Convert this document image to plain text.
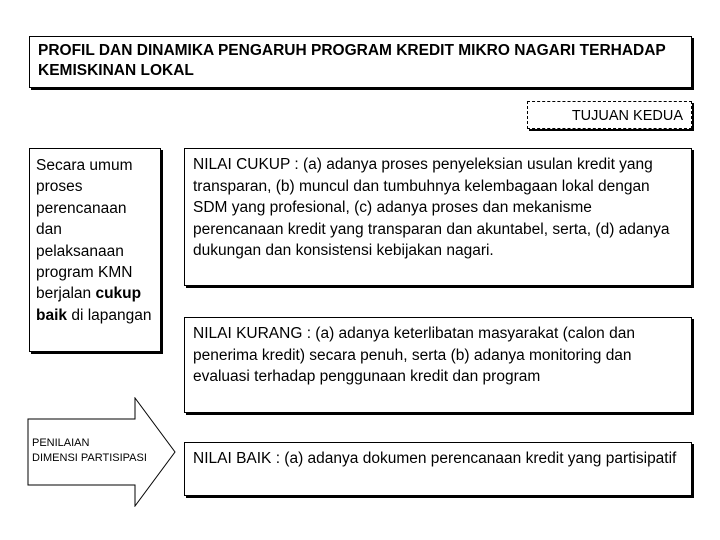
PROFIL DAN DINAMIKA PENGARUH PROGRAM KREDIT MIKRO NAGARI TERHADAP KEMISKINAN LOKAL
TUJUAN KEDUA
Secara umum proses perencanaan dan pelaksanaan program KMN berjalan cukup baik di lapangan
PENILAIAN
DIMENSI PARTISIPASI
NILAI CUKUP : (a) adanya proses penyeleksian usulan kredit yang transparan, (b) muncul dan tumbuhnya kelembagaan lokal dengan SDM yang profesional, (c) adanya proses dan mekanisme perencanaan kredit yang transparan dan akuntabel, serta, (d) adanya dukungan dan konsistensi kebijakan nagari.
NILAI KURANG : (a) adanya keterlibatan masyarakat (calon dan penerima kredit) secara penuh, serta (b) adanya monitoring dan evaluasi terhadap penggunaan kredit dan program
NILAI BAIK : (a) adanya dokumen perencanaan kredit yang partisipatif
